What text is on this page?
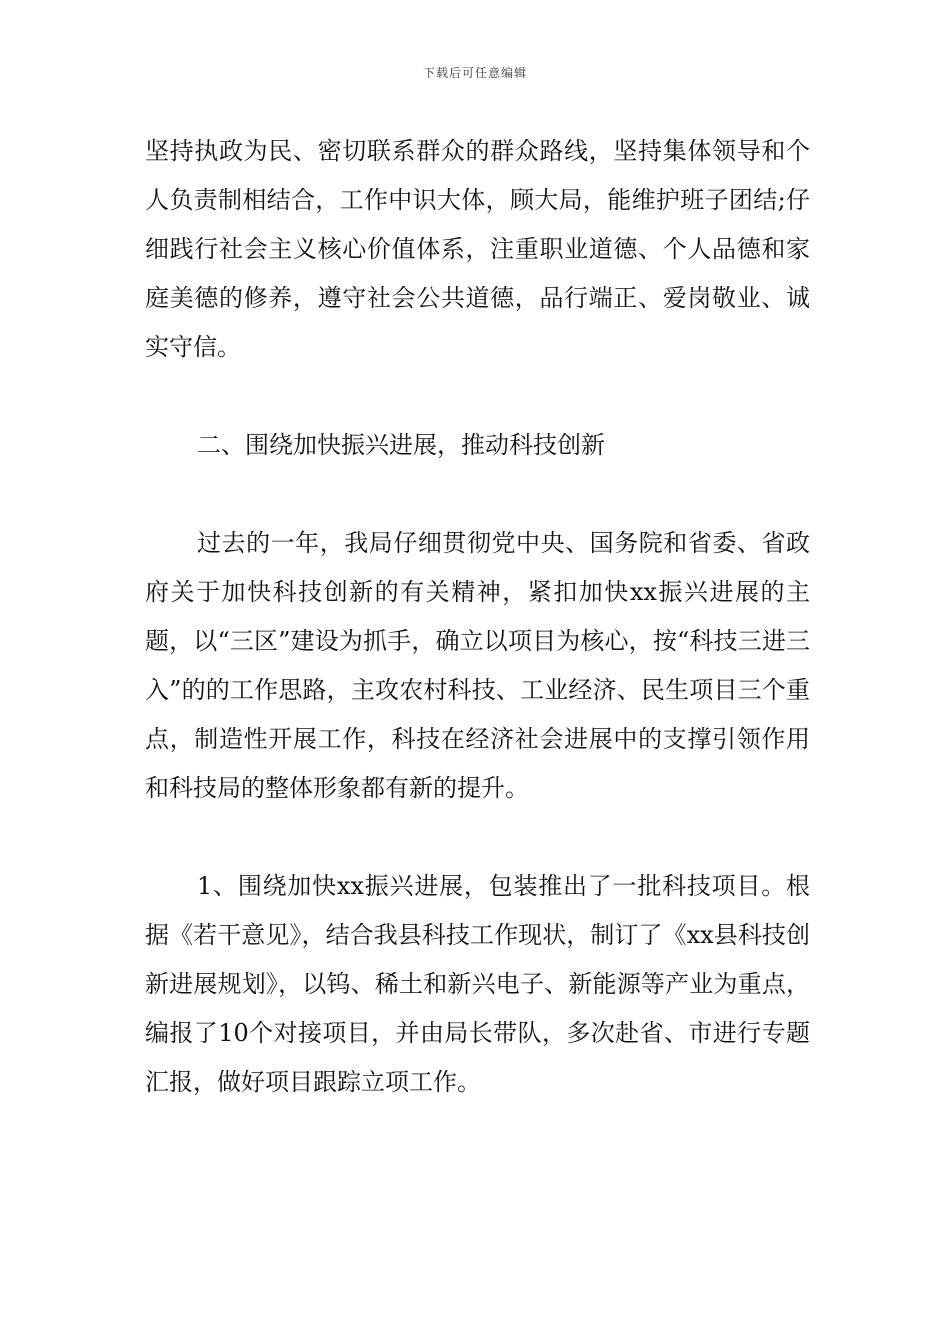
下载后可任意编辑

坚持执政为民、密切联系群众的群众路线，坚持集体领导和个人负责制相结合，工作中识大体，顾大局，能维护班子团结;仔细践行社会主义核心价值体系，注重职业道德、个人品德和家庭美德的修养，遵守社会公共道德，品行端正、爱岗敬业、诚实守信。

二、围绕加快振兴进展，推动科技创新

过去的一年，我局仔细贯彻党中央、国务院和省委、省政府关于加快科技创新的有关精神，紧扣加快xx振兴进展的主题，以“三区”建设为抓手，确立以项目为核心，按“科技三进三入”的的工作思路，主攻农村科技、工业经济、民生项目三个重点，制造性开展工作，科技在经济社会进展中的支撑引领作用和科技局的整体形象都有新的提升。

1、围绕加快xx振兴进展，包装推出了一批科技项目。根据《若干意见》，结合我县科技工作现状，制订了《xx县科技创新进展规划》，以钨、稀土和新兴电子、新能源等产业为重点，编报了10个对接项目，并由局长带队，多次赴省、市进行专题汇报，做好项目跟踪立项工作。
